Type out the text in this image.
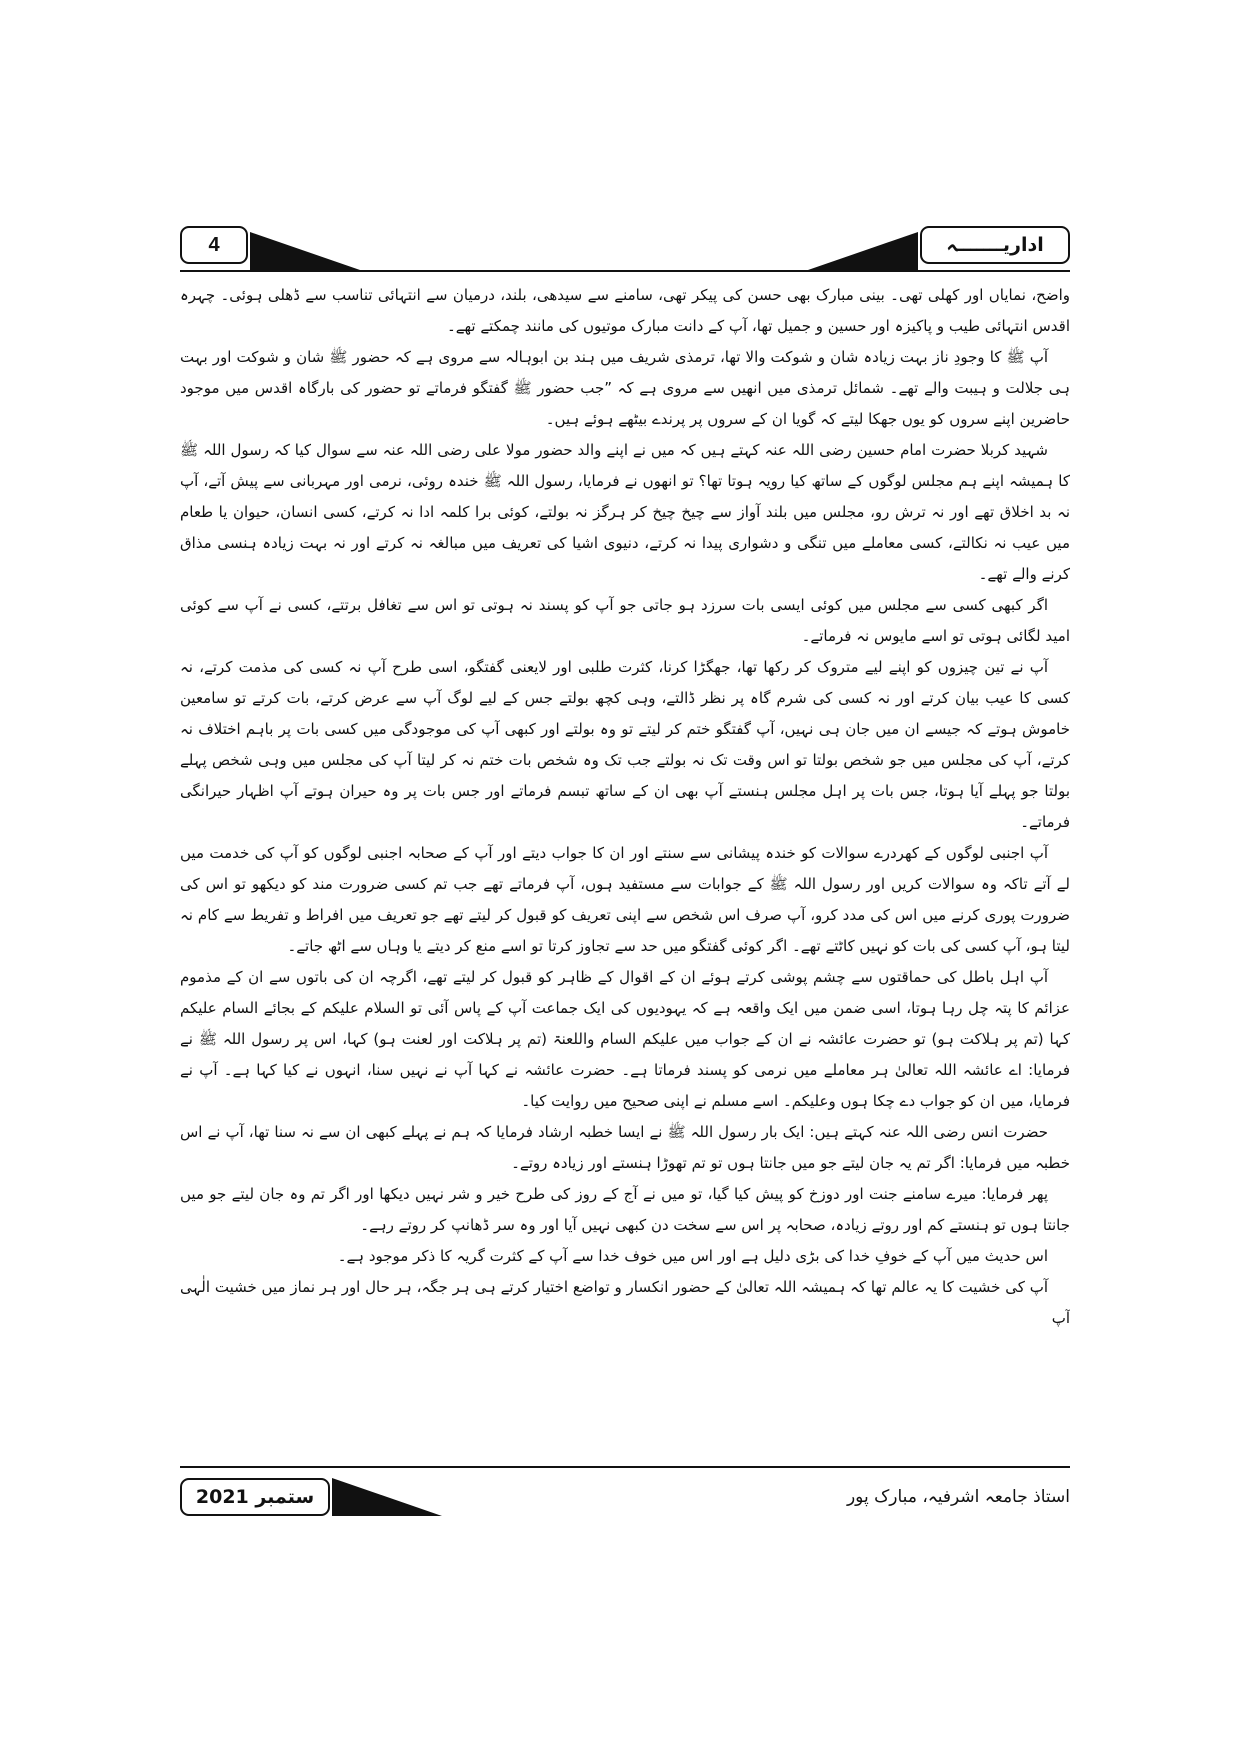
4	اداریـــــــہ

واضح، نمایاں اور کھلی تھی۔ بینی مبارک بھی حسن کی پیکر تھی، سامنے سے سیدھی، بلند، درمیان سے انتہائی تناسب سے ڈھلی ہوئی۔ چہرہ اقدس انتہائی طیب و پاکیزہ اور حسین و جمیل تھا، آپ کے دانت مبارک موتیوں کی مانند چمکتے تھے۔

آپ ﷺ کا وجودِ ناز بہت زیادہ شان و شوکت والا تھا، ترمذی شریف میں ہند بن ابوہالہ سے مروی ہے کہ حضور ﷺ شان و شوکت اور بہت ہی جلالت و ہیبت والے تھے۔ شمائل ترمذی میں انھیں سے مروی ہے کہ ”جب حضور ﷺ گفتگو فرماتے تو حضور کی بارگاہ اقدس میں موجود حاضرین اپنے سروں کو یوں جھکا لیتے کہ گویا ان کے سروں پر پرندے بیٹھے ہوئے ہیں۔

شہید کربلا حضرت امام حسین رضی اللہ عنہ کہتے ہیں کہ میں نے اپنے والد حضور مولا علی رضی اللہ عنہ سے سوال کیا کہ رسول اللہ ﷺ کا ہمیشہ اپنے ہم مجلس لوگوں کے ساتھ کیا رویہ ہوتا تھا؟ تو انھوں نے فرمایا، رسول اللہ ﷺ خندہ روئی، نرمی اور مہربانی سے پیش آتے، آپ نہ بد اخلاق تھے اور نہ ترش رو، مجلس میں بلند آواز سے چیخ چیخ کر ہرگز نہ بولتے، کوئی برا کلمہ ادا نہ کرتے، کسی انسان، حیوان یا طعام میں عیب نہ نکالتے، کسی معاملے میں تنگی و دشواری پیدا نہ کرتے، دنیوی اشیا کی تعریف میں مبالغہ نہ کرتے اور نہ بہت زیادہ ہنسی مذاق کرنے والے تھے۔

اگر کبھی کسی سے مجلس میں کوئی ایسی بات سرزد ہو جاتی جو آپ کو پسند نہ ہوتی تو اس سے تغافل برتتے، کسی نے آپ سے کوئی امید لگائی ہوتی تو اسے مایوس نہ فرماتے۔

آپ نے تین چیزوں کو اپنے لیے متروک کر رکھا تھا، جھگڑا کرنا، کثرت طلبی اور لایعنی گفتگو، اسی طرح آپ نہ کسی کی مذمت کرتے، نہ کسی کا عیب بیان کرتے اور نہ کسی کی شرم گاہ پر نظر ڈالتے، وہی کچھ بولتے جس کے لیے لوگ آپ سے عرض کرتے، بات کرتے تو سامعین خاموش ہوتے کہ جیسے ان میں جان ہی نہیں، آپ گفتگو ختم کر لیتے تو وہ بولتے اور کبھی آپ کی موجودگی میں کسی بات پر باہم اختلاف نہ کرتے، آپ کی مجلس میں جو شخص بولتا تو اس وقت تک نہ بولتے جب تک وہ شخص بات ختم نہ کر لیتا آپ کی مجلس میں وہی شخص پہلے بولتا جو پہلے آیا ہوتا، جس بات پر اہل مجلس ہنستے آپ بھی ان کے ساتھ تبسم فرماتے اور جس بات پر وہ حیران ہوتے آپ اظہار حیرانگی فرماتے۔

آپ اجنبی لوگوں کے کھردرے سوالات کو خندہ پیشانی سے سنتے اور ان کا جواب دیتے اور آپ کے صحابہ اجنبی لوگوں کو آپ کی خدمت میں لے آتے تاکہ وہ سوالات کریں اور رسول اللہ ﷺ کے جوابات سے مستفید ہوں، آپ فرماتے تھے جب تم کسی ضرورت مند کو دیکھو تو اس کی ضرورت پوری کرنے میں اس کی مدد کرو، آپ صرف اس شخص سے اپنی تعریف کو قبول کر لیتے تھے جو تعریف میں افراط و تفریط سے کام نہ لیتا ہو، آپ کسی کی بات کو نہیں کاٹتے تھے۔ اگر کوئی گفتگو میں حد سے تجاوز کرتا تو اسے منع کر دیتے یا وہاں سے اٹھ جاتے۔

آپ اہل باطل کی حماقتوں سے چشم پوشی کرتے ہوئے ان کے اقوال کے ظاہر کو قبول کر لیتے تھے، اگرچہ ان کی باتوں سے ان کے مذموم عزائم کا پتہ چل رہا ہوتا، اسی ضمن میں ایک واقعہ ہے کہ یہودیوں کی ایک جماعت آپ کے پاس آئی تو السلام علیکم کے بجائے السام علیکم کہا (تم پر ہلاکت ہو) تو حضرت عائشہ نے ان کے جواب میں علیکم السام واللعنۃ (تم پر ہلاکت اور لعنت ہو) کہا، اس پر رسول اللہ ﷺ نے فرمایا: اے عائشہ اللہ تعالیٰ ہر معاملے میں نرمی کو پسند فرماتا ہے۔ حضرت عائشہ نے کہا آپ نے نہیں سنا، انہوں نے کیا کہا ہے۔ آپ نے فرمایا، میں ان کو جواب دے چکا ہوں وعلیکم۔ اسے مسلم نے اپنی صحیح میں روایت کیا۔

حضرت انس رضی اللہ عنہ کہتے ہیں: ایک بار رسول اللہ ﷺ نے ایسا خطبہ ارشاد فرمایا کہ ہم نے پہلے کبھی ان سے نہ سنا تھا، آپ نے اس خطبہ میں فرمایا: اگر تم یہ جان لیتے جو میں جانتا ہوں تو تم تھوڑا ہنستے اور زیادہ روتے۔

پھر فرمایا: میرے سامنے جنت اور دوزخ کو پیش کیا گیا، تو میں نے آج کے روز کی طرح خیر و شر نہیں دیکھا اور اگر تم وہ جان لیتے جو میں جانتا ہوں تو ہنستے کم اور روتے زیادہ، صحابہ پر اس سے سخت دن کبھی نہیں آیا اور وہ سر ڈھانپ کر روتے رہے۔

اس حدیث میں آپ کے خوفِ خدا کی بڑی دلیل ہے اور اس میں خوف خدا سے آپ کے کثرت گریہ کا ذکر موجود ہے۔

آپ کی خشیت کا یہ عالم تھا کہ ہمیشہ اللہ تعالیٰ کے حضور انکسار و تواضع اختیار کرتے ہی ہر جگہ، ہر حال اور ہر نماز میں خشیت الٰہی آپ

ستمبر 2021	استاذ جامعہ اشرفیہ، مبارک پور
